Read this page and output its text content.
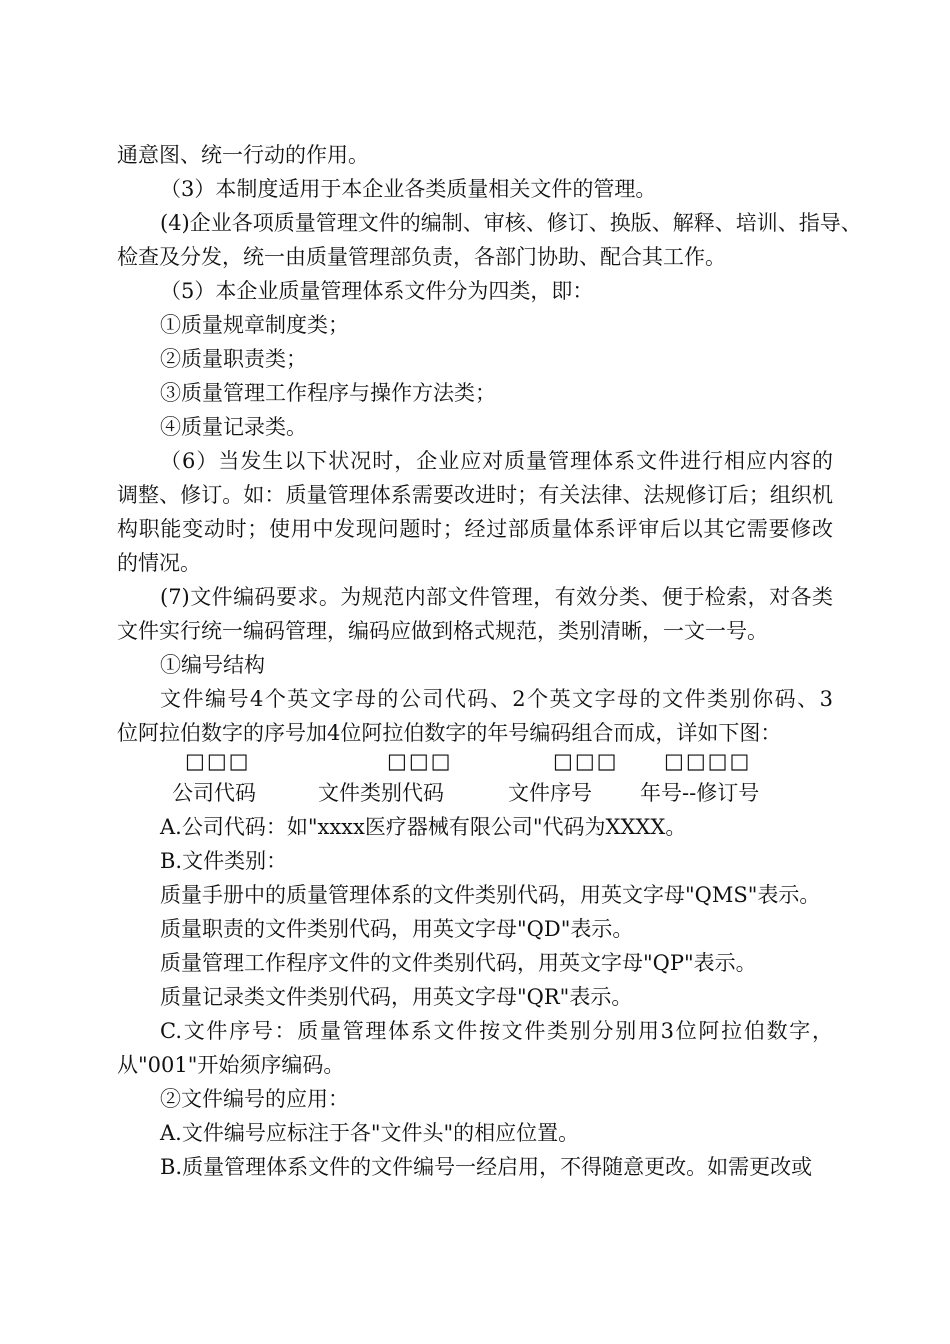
通意图、统一行动的作用。
（3）本制度适用于本企业各类质量相关文件的管理。
(4)企业各项质量管理文件的编制、审核、修订、换版、解释、培训、指导、
检查及分发，统一由质量管理部负责，各部门协助、配合其工作。
（5）本企业质量管理体系文件分为四类，即：
①质量规章制度类；
②质量职责类；
③质量管理工作程序与操作方法类；
④质量记录类。
（6）当发生以下状况时，企业应对质量管理体系文件进行相应内容的
调整、修订。如：质量管理体系需要改进时；有关法律、法规修订后；组织机
构职能变动时；使用中发现问题时；经过部质量体系评审后以其它需要修改
的情况。
(7)文件编码要求。为规范内部文件管理，有效分类、便于检索，对各类
文件实行统一编码管理，编码应做到格式规范，类别清晰，一文一号。
①编号结构
文件编号4个英文字母的公司代码、2个英文字母的文件类别你码、3
位阿拉伯数字的序号加4位阿拉伯数字的年号编码组合而成，详如下图：
□□□	□□□	□□□ □□□□
公司代码	文件类别代码	文件序号 年号--修订号
A.公司代码：如"xxxx医疗器械有限公司"代码为XXXX。
B.文件类别：
质量手册中的质量管理体系的文件类别代码，用英文字母"QMS"表示。
质量职责的文件类别代码，用英文字母"QD"表示。
质量管理工作程序文件的文件类别代码，用英文字母"QP"表示。
质量记录类文件类别代码，用英文字母"QR"表示。
C.文件序号：质量管理体系文件按文件类别分别用3位阿拉伯数字，
从"001"开始须序编码。
②文件编号的应用：
A.文件编号应标注于各"文件头"的相应位置。
B.质量管理体系文件的文件编号一经启用，不得随意更改。如需更改或
